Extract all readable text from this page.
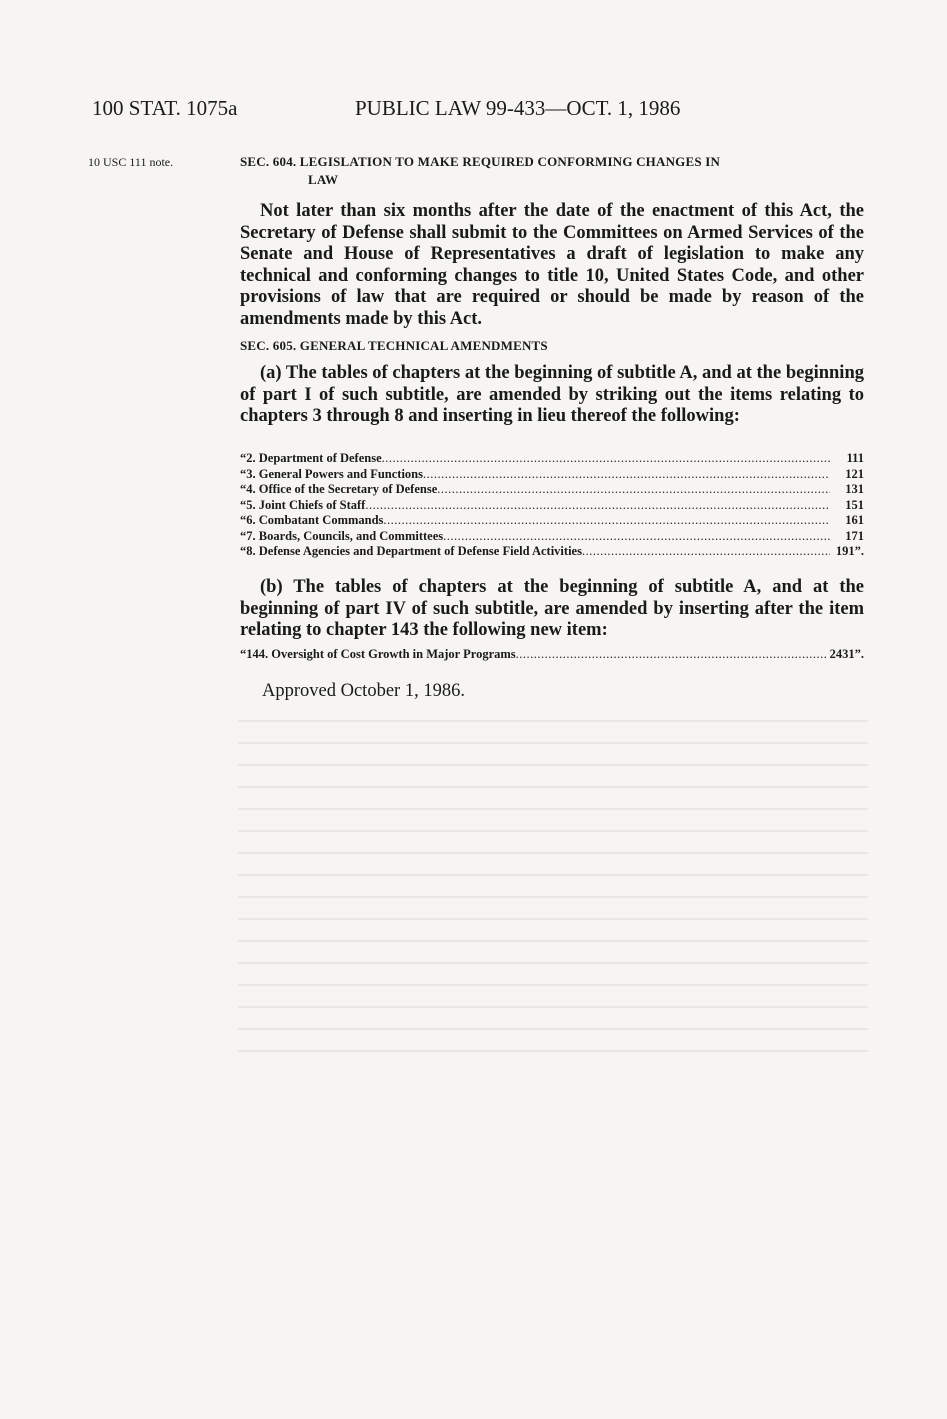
100 STAT. 1075a	PUBLIC LAW 99-433—OCT. 1, 1986
10 USC 111 note.	SEC. 604. LEGISLATION TO MAKE REQUIRED CONFORMING CHANGES IN
LAW
Not later than six months after the date of the enactment of this Act, the Secretary of Defense shall submit to the Committees on Armed Services of the Senate and House of Representatives a draft of legislation to make any technical and conforming changes to title 10, United States Code, and other provisions of law that are required or should be made by reason of the amendments made by this Act.
SEC. 605. GENERAL TECHNICAL AMENDMENTS
(a) The tables of chapters at the beginning of subtitle A, and at the beginning of part I of such subtitle, are amended by striking out the items relating to chapters 3 through 8 and inserting in lieu thereof the following:
“2. Department of Defense .....	111
“3. General Powers and Functions .....	121
“4. Office of the Secretary of Defense .....	131
“5. Joint Chiefs of Staff .....	151
“6. Combatant Commands .....	161
“7. Boards, Councils, and Committees .....	171
“8. Defense Agencies and Department of Defense Field Activities .....	191”.
(b) The tables of chapters at the beginning of subtitle A, and at the beginning of part IV of such subtitle, are amended by inserting after the item relating to chapter 143 the following new item:
“144. Oversight of Cost Growth in Major Programs .....	2431”.
Approved October 1, 1986.
